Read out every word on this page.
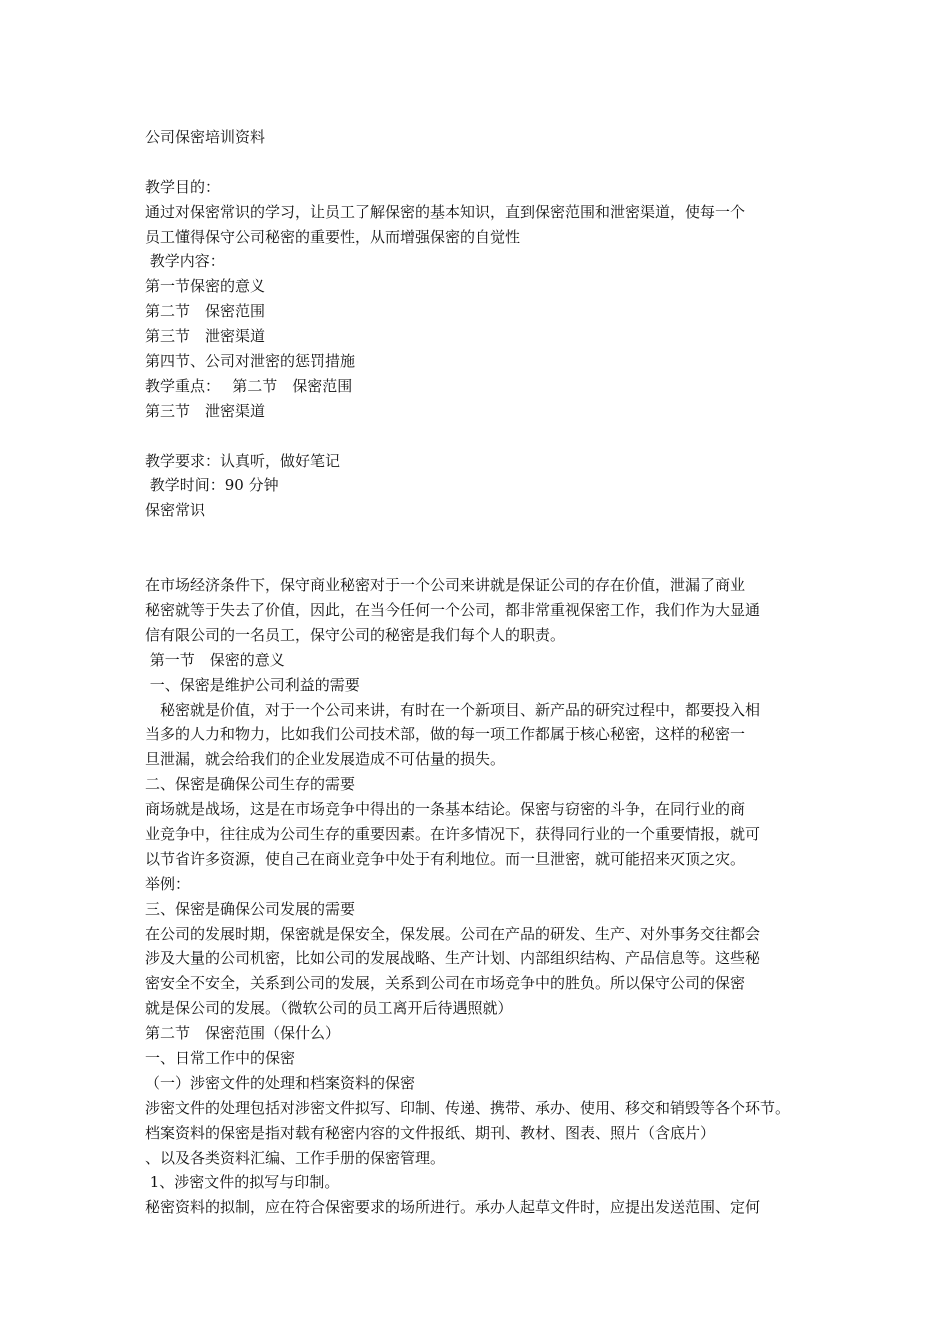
公司保密培训资料
教学目的：
通过对保密常识的学习，让员工了解保密的基本知识，直到保密范围和泄密渠道，使每一个
员工懂得保守公司秘密的重要性，从而增强保密的自觉性
教学内容：
第一节保密的意义
第二节　保密范围
第三节　泄密渠道
第四节、公司对泄密的惩罚措施
教学重点：　 第二节　保密范围
第三节　泄密渠道
教学要求：认真听，做好笔记
教学时间：90 分钟
保密常识
在市场经济条件下，保守商业秘密对于一个公司来讲就是保证公司的存在价值，泄漏了商业
秘密就等于失去了价值，因此，在当今任何一个公司，都非常重视保密工作，我们作为大显通
信有限公司的一名员工，保守公司的秘密是我们每个人的职责。
第一节　保密的意义
一、保密是维护公司利益的需要
　秘密就是价值，对于一个公司来讲，有时在一个新项目、新产品的研究过程中，都要投入相
当多的人力和物力，比如我们公司技术部，做的每一项工作都属于核心秘密，这样的秘密一
旦泄漏，就会给我们的企业发展造成不可估量的损失。
二、保密是确保公司生存的需要
商场就是战场，这是在市场竞争中得出的一条基本结论。保密与窃密的斗争，在同行业的商
业竞争中，往往成为公司生存的重要因素。在许多情况下，获得同行业的一个重要情报，就可
以节省许多资源，使自己在商业竞争中处于有利地位。而一旦泄密，就可能招来灭顶之灾。
举例：
三、保密是确保公司发展的需要
在公司的发展时期，保密就是保安全，保发展。公司在产品的研发、生产、对外事务交往都会
涉及大量的公司机密，比如公司的发展战略、生产计划、内部组织结构、产品信息等。这些秘
密安全不安全，关系到公司的发展，关系到公司在市场竞争中的胜负。所以保守公司的保密
就是保公司的发展。（微软公司的员工离开后待遇照就）
第二节　保密范围（保什么）
一、日常工作中的保密
（一）涉密文件的处理和档案资料的保密
涉密文件的处理包括对涉密文件拟写、印制、传递、携带、承办、使用、移交和销毁等各个环节。
档案资料的保密是指对载有秘密内容的文件报纸、期刊、教材、图表、照片（含底片）
、以及各类资料汇编、工作手册的保密管理。
1、涉密文件的拟写与印制。
秘密资料的拟制，应在符合保密要求的场所进行。承办人起草文件时，应提出发送范围、定何
